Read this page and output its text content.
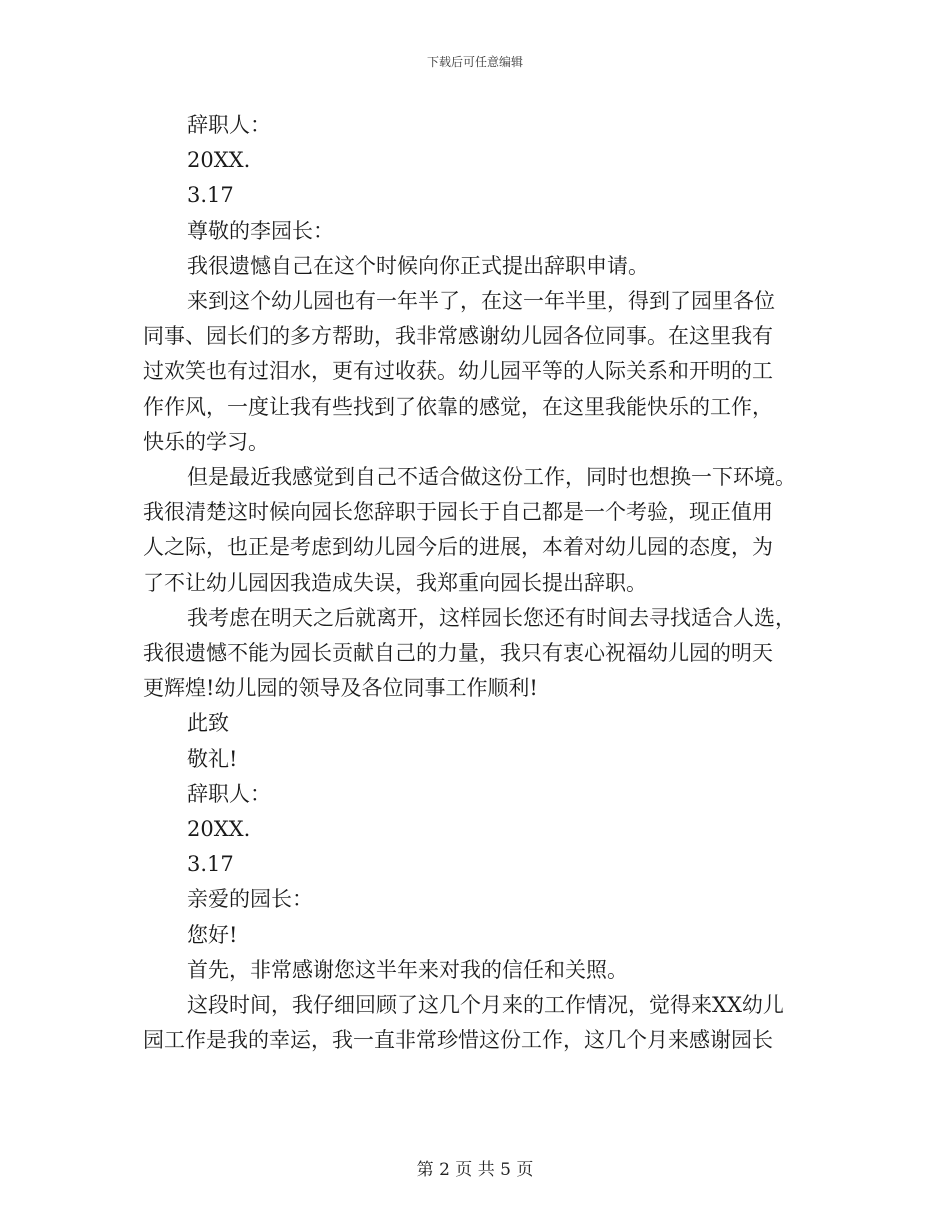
下载后可任意编辑
辞职人：
20XX.
3.17
尊敬的李园长：
我很遗憾自己在这个时候向你正式提出辞职申请。
来到这个幼儿园也有一年半了，在这一年半里，得到了园里各位
同事、园长们的多方帮助，我非常感谢幼儿园各位同事。在这里我有
过欢笑也有过泪水，更有过收获。幼儿园平等的人际关系和开明的工
作作风，一度让我有些找到了依靠的感觉，在这里我能快乐的工作，
快乐的学习。
但是最近我感觉到自己不适合做这份工作，同时也想换一下环境。
我很清楚这时候向园长您辞职于园长于自己都是一个考验，现正值用
人之际，也正是考虑到幼儿园今后的进展，本着对幼儿园的态度，为
了不让幼儿园因我造成失误，我郑重向园长提出辞职。
我考虑在明天之后就离开，这样园长您还有时间去寻找适合人选，
我很遗憾不能为园长贡献自己的力量，我只有衷心祝福幼儿园的明天
更辉煌!幼儿园的领导及各位同事工作顺利!
此致
敬礼!
辞职人：
20XX.
3.17
亲爱的园长：
您好!
首先，非常感谢您这半年来对我的信任和关照。
这段时间，我仔细回顾了这几个月来的工作情况，觉得来XX幼儿
园工作是我的幸运，我一直非常珍惜这份工作，这几个月来感谢园长
第 2 页 共 5 页
